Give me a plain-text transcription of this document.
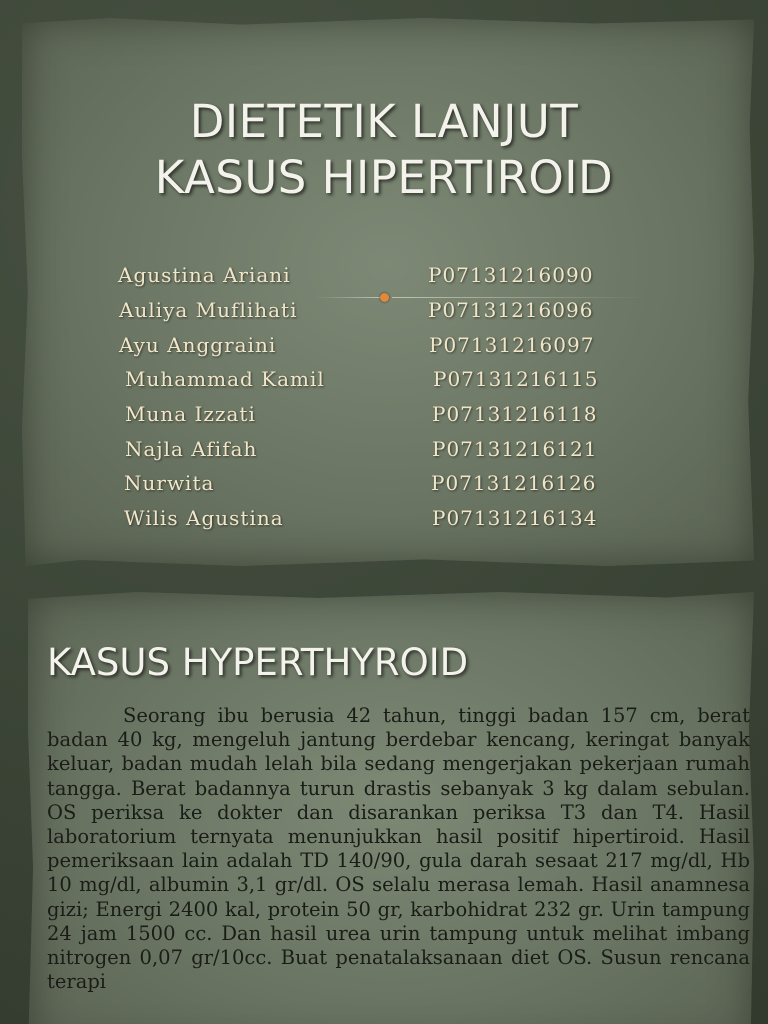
DIETETIK LANJUT
KASUS HIPERTIROID
Agustina Ariani	P07131216090
Auliya Muflihati	P07131216096
Ayu Anggraini	P07131216097
Muhammad Kamil	P07131216115
Muna Izzati	P07131216118
Najla Afifah	P07131216121
Nurwita	P07131216126
Wilis Agustina	P07131216134
KASUS HYPERTHYROID

Seorang ibu berusia 42 tahun, tinggi badan 157 cm, berat badan 40 kg, mengeluh jantung berdebar kencang, keringat banyak keluar, badan mudah lelah bila sedang mengerjakan pekerjaan rumah tangga. Berat badannya turun drastis sebanyak 3 kg dalam sebulan. OS periksa ke dokter dan disarankan periksa T3 dan T4. Hasil laboratorium ternyata menunjukkan hasil positif hipertiroid. Hasil pemeriksaan lain adalah TD 140/90, gula darah sesaat 217 mg/dl, Hb 10 mg/dl, albumin 3,1 gr/dl. OS selalu merasa lemah. Hasil anamnesa gizi; Energi 2400 kal, protein 50 gr, karbohidrat 232 gr. Urin tampung 24 jam 1500 cc. Dan hasil urea urin tampung untuk melihat imbang nitrogen 0,07 gr/10cc. Buat penatalaksanaan diet OS. Susun rencana terapi
